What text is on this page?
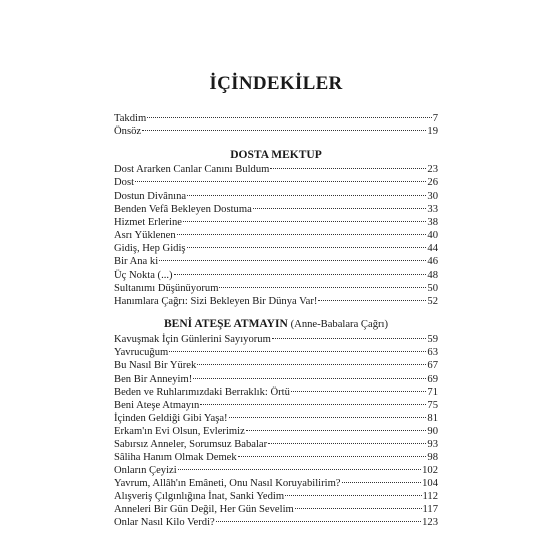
İÇİNDEKİLER
Takdim	7
Önsöz	19
DOSTA MEKTUP
Dost Ararken Canlar Canını Buldum	23
Dost	26
Dostun Divânına	30
Benden Vefâ Bekleyen Dostuma	33
Hizmet Erlerine	38
Asrı Yüklenen	40
Gidiş, Hep Gidiş	44
Bir Ana ki	46
Üç Nokta (...)	48
Sultanımı Düşünüyorum	50
Hanımlara Çağrı: Sizi Bekleyen Bir Dünya Var!	52
BENİ ATEŞE ATMAYIN (Anne-Babalara Çağrı)
Kavuşmak İçin Günlerini Sayıyorum	59
Yavrucuğum	63
Bu Nasıl Bir Yürek	67
Ben Bir Anneyim!	69
Beden ve Ruhlarımızdaki Berraklık: Örtü	71
Beni Ateşe Atmayın	75
İçinden Geldiği Gibi Yaşa!	81
Erkam'ın Evi Olsun, Evlerimiz	90
Sabırsız Anneler, Sorumsuz Babalar	93
Sâliha Hanım Olmak Demek	98
Onların Çeyizi	102
Yavrum, Allâh'ın Emâneti, Onu Nasıl Koruyabilirim?	104
Alışveriş Çılgınlığına İnat, Sanki Yedim	112
Anneleri Bir Gün Değil, Her Gün Sevelim	117
Onlar Nasıl Kilo Verdi?	123
